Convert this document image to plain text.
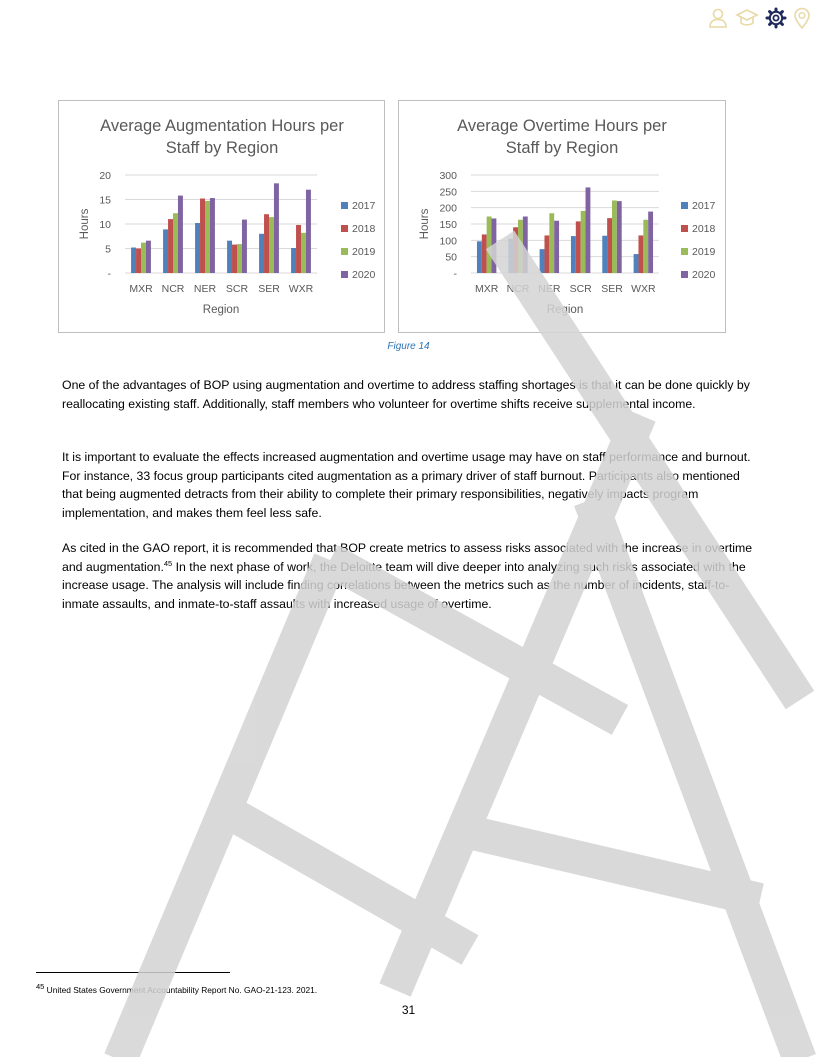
Average Augmentation Hours per
Staff by Region
-
5
10
15
20
Hours
MXR NCR NER SCR SER WXR
Region
2017
2018
2019
2020
Average Overtime Hours per
Staff by Region
-
50
100
150
200
250
300
Hours
MXR NCR NER SCR SER WXR
Region
2017
2018
2019
2020
Figure 14

One of the advantages of BOP using augmentation and overtime to address staffing shortages is that it can be done quickly by reallocating existing staff. Additionally, staff members who volunteer for overtime shifts receive supplemental income.

It is important to evaluate the effects increased augmentation and overtime usage may have on staff performance and burnout. For instance, 33 focus group participants cited augmentation as a primary driver of staff burnout. Participants also mentioned that being augmented detracts from their ability to complete their primary responsibilities, negatively impacts program implementation, and makes them feel less safe.

As cited in the GAO report, it is recommended that BOP create metrics to assess risks associated with the increase in overtime and augmentation.$^{45}$ In the next phase of work, the Deloitte team will dive deeper into analyzing such risks associated with the increase usage. The analysis will include finding correlations between the metrics such as the number of incidents, staff-to-inmate assaults, and inmate-to-staff assaults with increased usage of overtime.

$^{45}$ United States Government Accountability Report No. GAO-21-123. 2021.
31
